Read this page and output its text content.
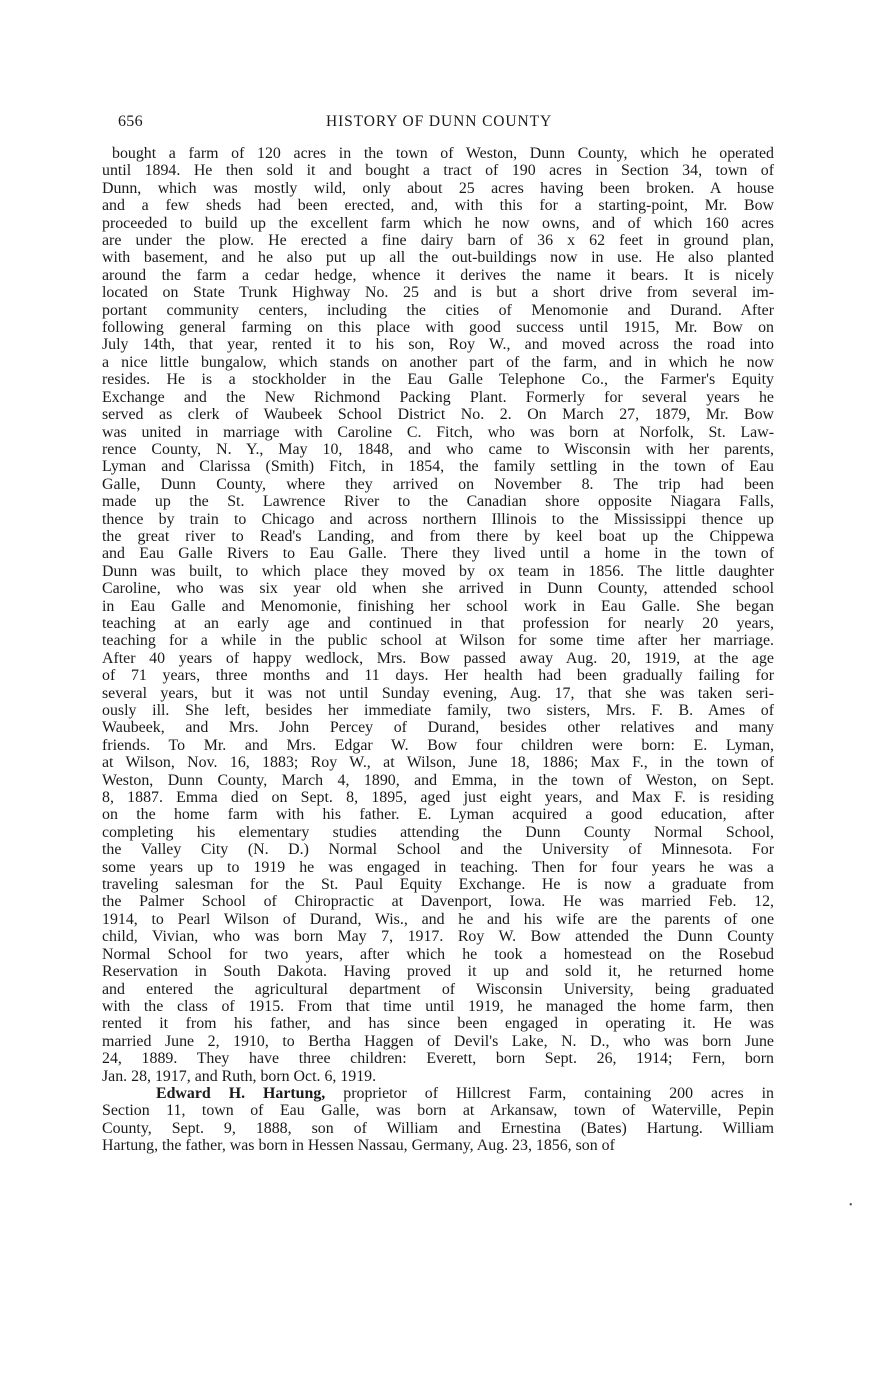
656	HISTORY OF DUNN COUNTY
bought a farm of 120 acres in the town of Weston, Dunn County, which he operated
until 1894. He then sold it and bought a tract of 190 acres in Section 34, town of
Dunn, which was mostly wild, only about 25 acres having been broken. A house
and a few sheds had been erected, and, with this for a starting-point, Mr. Bow
proceeded to build up the excellent farm which he now owns, and of which 160 acres
are under the plow. He erected a fine dairy barn of 36 x 62 feet in ground plan,
with basement, and he also put up all the out-buildings now in use. He also planted
around the farm a cedar hedge, whence it derives the name it bears. It is nicely
located on State Trunk Highway No. 25 and is but a short drive from several im-
portant community centers, including the cities of Menomonie and Durand. After
following general farming on this place with good success until 1915, Mr. Bow on
July 14th, that year, rented it to his son, Roy W., and moved across the road into
a nice little bungalow, which stands on another part of the farm, and in which he now
resides. He is a stockholder in the Eau Galle Telephone Co., the Farmer's Equity
Exchange and the New Richmond Packing Plant. Formerly for several years he
served as clerk of Waubeek School District No. 2. On March 27, 1879, Mr. Bow
was united in marriage with Caroline C. Fitch, who was born at Norfolk, St. Law-
rence County, N. Y., May 10, 1848, and who came to Wisconsin with her parents,
Lyman and Clarissa (Smith) Fitch, in 1854, the family settling in the town of Eau
Galle, Dunn County, where they arrived on November 8. The trip had been
made up the St. Lawrence River to the Canadian shore opposite Niagara Falls,
thence by train to Chicago and across northern Illinois to the Mississippi thence up
the great river to Read's Landing, and from there by keel boat up the Chippewa
and Eau Galle Rivers to Eau Galle. There they lived until a home in the town of
Dunn was built, to which place they moved by ox team in 1856. The little daughter
Caroline, who was six year old when she arrived in Dunn County, attended school
in Eau Galle and Menomonie, finishing her school work in Eau Galle. She began
teaching at an early age and continued in that profession for nearly 20 years,
teaching for a while in the public school at Wilson for some time after her marriage.
After 40 years of happy wedlock, Mrs. Bow passed away Aug. 20, 1919, at the age
of 71 years, three months and 11 days. Her health had been gradually failing for
several years, but it was not until Sunday evening, Aug. 17, that she was taken seri-
ously ill. She left, besides her immediate family, two sisters, Mrs. F. B. Ames of
Waubeek, and Mrs. John Percey of Durand, besides other relatives and many
friends. To Mr. and Mrs. Edgar W. Bow four children were born: E. Lyman,
at Wilson, Nov. 16, 1883; Roy W., at Wilson, June 18, 1886; Max F., in the town of
Weston, Dunn County, March 4, 1890, and Emma, in the town of Weston, on Sept.
8, 1887. Emma died on Sept. 8, 1895, aged just eight years, and Max F. is residing
on the home farm with his father. E. Lyman acquired a good education, after
completing his elementary studies attending the Dunn County Normal School,
the Valley City (N. D.) Normal School and the University of Minnesota. For
some years up to 1919 he was engaged in teaching. Then for four years he was a
traveling salesman for the St. Paul Equity Exchange. He is now a graduate from
the Palmer School of Chiropractic at Davenport, Iowa. He was married Feb. 12,
1914, to Pearl Wilson of Durand, Wis., and he and his wife are the parents of one
child, Vivian, who was born May 7, 1917. Roy W. Bow attended the Dunn County
Normal School for two years, after which he took a homestead on the Rosebud
Reservation in South Dakota. Having proved it up and sold it, he returned home
and entered the agricultural department of Wisconsin University, being graduated
with the class of 1915. From that time until 1919, he managed the home farm, then
rented it from his father, and has since been engaged in operating it. He was
married June 2, 1910, to Bertha Haggen of Devil's Lake, N. D., who was born June
24, 1889. They have three children: Everett, born Sept. 26, 1914; Fern, born
Jan. 28, 1917, and Ruth, born Oct. 6, 1919.
Edward H. Hartung, proprietor of Hillcrest Farm, containing 200 acres in
Section 11, town of Eau Galle, was born at Arkansaw, town of Waterville, Pepin
County, Sept. 9, 1888, son of William and Ernestina (Bates) Hartung. William
Hartung, the father, was born in Hessen Nassau, Germany, Aug. 23, 1856, son of
•
